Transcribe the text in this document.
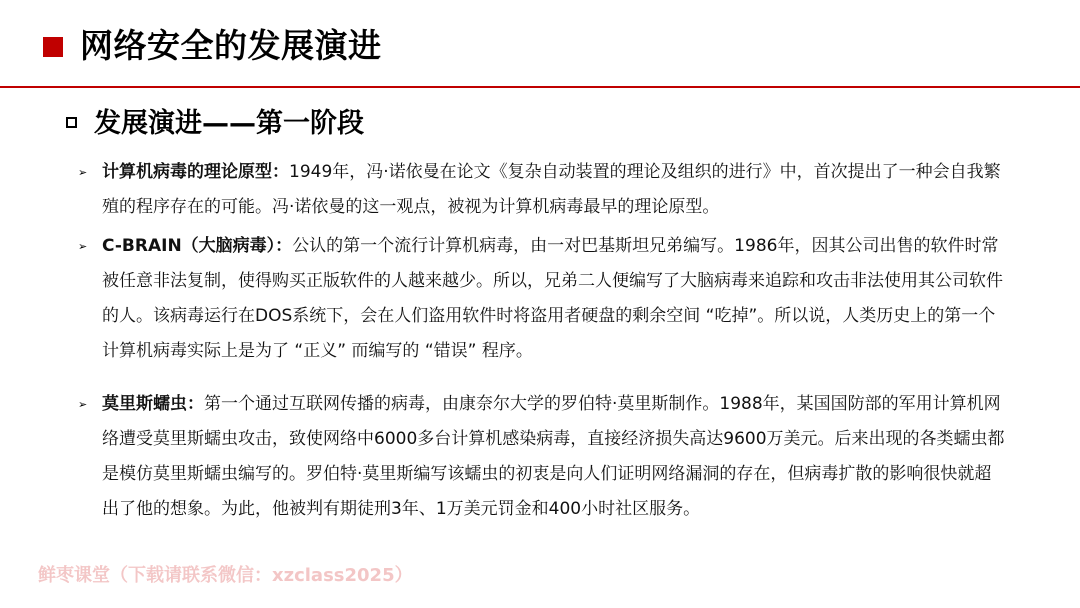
网络安全的发展演进
发展演进——第一阶段
➢ 计算机病毒的理论原型：1949年，冯·诺依曼在论文《复杂自动装置的理论及组织的进行》中，首次提出了一种会自我繁殖的程序存在的可能。冯·诺依曼的这一观点，被视为计算机病毒最早的理论原型。
➢ C-BRAIN（大脑病毒）：公认的第一个流行计算机病毒，由一对巴基斯坦兄弟编写。1986年，因其公司出售的软件时常被任意非法复制，使得购买正版软件的人越来越少。所以，兄弟二人便编写了大脑病毒来追踪和攻击非法使用其公司软件的人。该病毒运行在DOS系统下，会在人们盗用软件时将盗用者硬盘的剩余空间 “吃掉”。所以说，人类历史上的第一个计算机病毒实际上是为了 “正义” 而编写的 “错误” 程序。
➢ 莫里斯蠕虫：第一个通过互联网传播的病毒，由康奈尔大学的罗伯特·莫里斯制作。1988年，某国国防部的军用计算机网络遭受莫里斯蠕虫攻击，致使网络中6000多台计算机感染病毒，直接经济损失高达9600万美元。后来出现的各类蠕虫都是模仿莫里斯蠕虫编写的。罗伯特·莫里斯编写该蠕虫的初衷是向人们证明网络漏洞的存在，但病毒扩散的影响很快就超出了他的想象。为此，他被判有期徒刑3年、1万美元罚金和400小时社区服务。
鲜枣课堂（下载请联系微信：xzclass2025）
